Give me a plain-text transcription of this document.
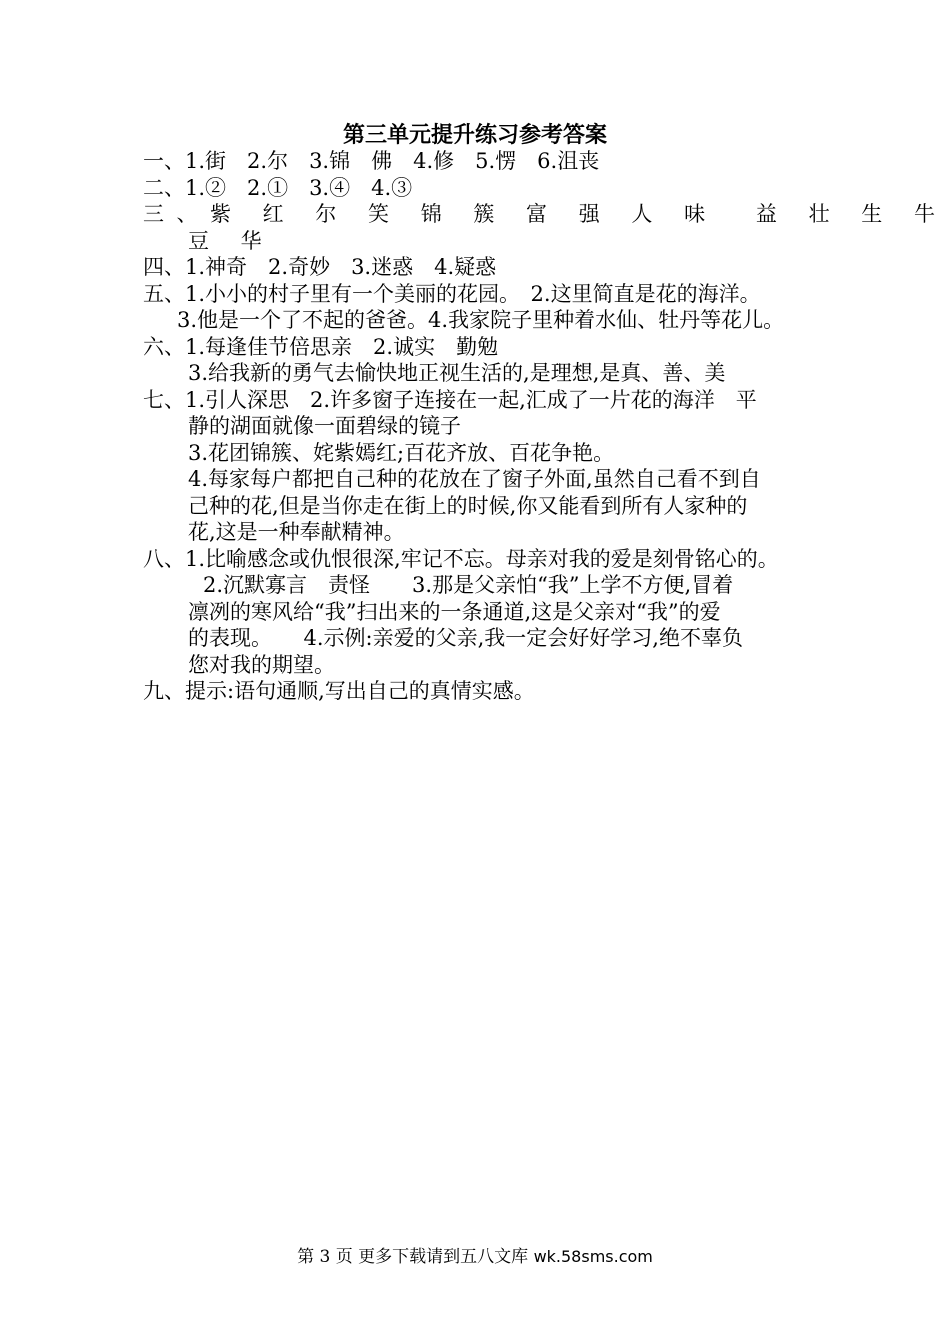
第三单元提升练习参考答案
一、1.街　2.尔　3.锦　佛　4.修　5.愣　6.沮丧
二、1.②　2.①　3.④　4.③
三、紫 红 尔 笑 锦 簇 富 强 人 味  益 壮 生 牛
豆 华
四、1.神奇　2.奇妙　3.迷惑　4.疑惑
五、1.小小的村子里有一个美丽的花园。　2.这里简直是花的海洋。
3.他是一个了不起的爸爸。4.我家院子里种着水仙、牡丹等花儿。
六、1.每逢佳节倍思亲　2.诚实　勤勉
3.给我新的勇气去愉快地正视生活的,是理想,是真、善、美
七、1.引人深思　2.许多窗子连接在一起,汇成了一片花的海洋　平
静的湖面就像一面碧绿的镜子
3.花团锦簇、姹紫嫣红;百花齐放、百花争艳。
4.每家每户都把自己种的花放在了窗子外面,虽然自己看不到自
己种的花,但是当你走在街上的时候,你又能看到所有人家种的
花,这是一种奉献精神。
八、1.比喻感念或仇恨很深,牢记不忘。母亲对我的爱是刻骨铭心的。
2.沉默寡言　责怪　　3.那是父亲怕“我”上学不方便,冒着
凛冽的寒风给“我”扫出来的一条通道,这是父亲对“我”的爱
的表现。　　4.示例:亲爱的父亲,我一定会好好学习,绝不辜负
您对我的期望。
九、提示:语句通顺,写出自己的真情实感。
第 3 页 更多下载请到五八文库 wk.58sms.com
